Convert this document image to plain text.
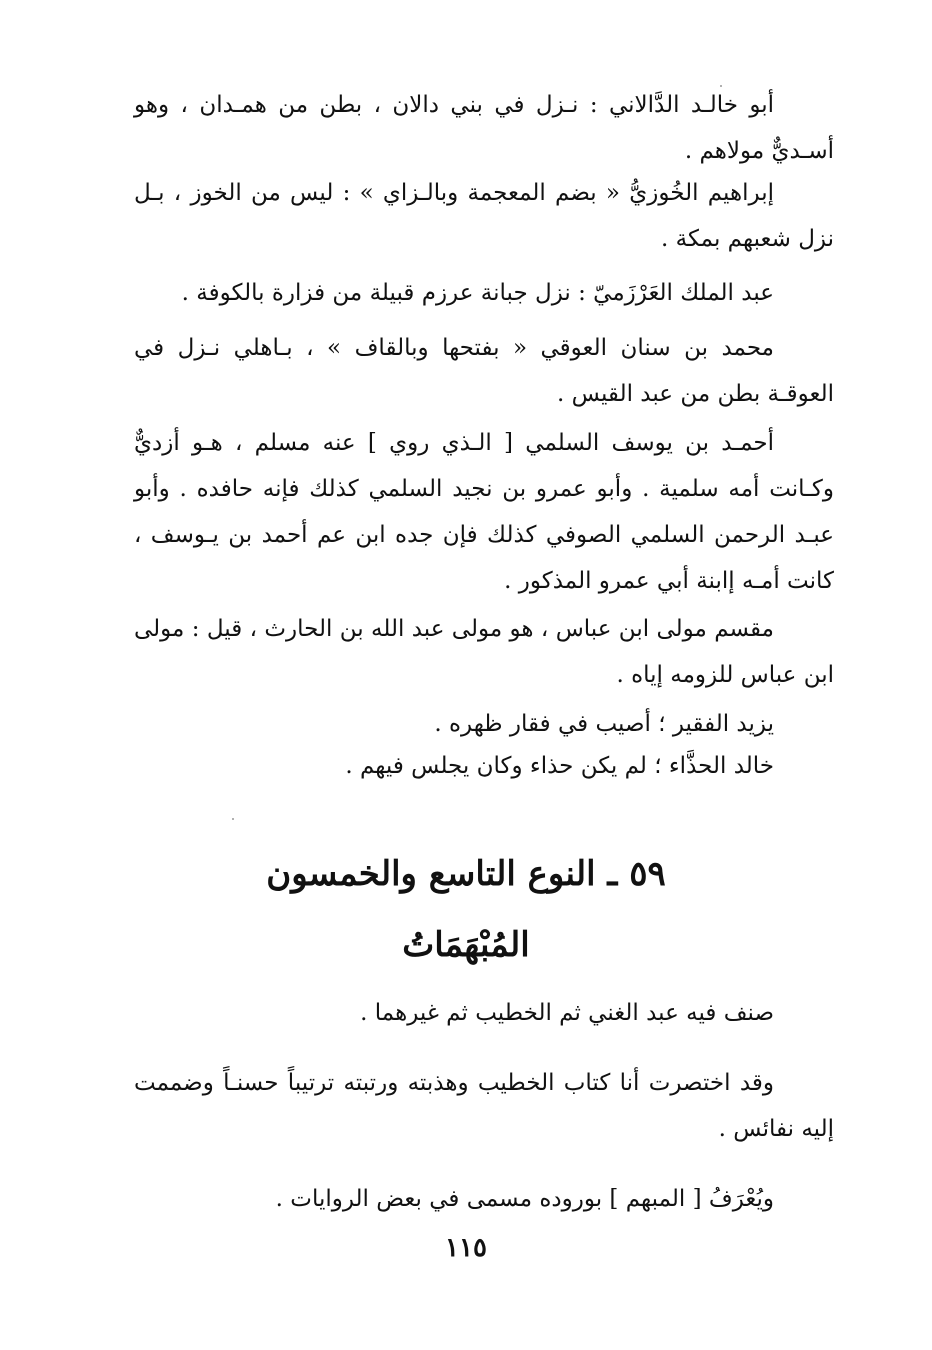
أبو خالـد الدَّالاني : نـزل في بني دالان ، بطن من همـدان ، وهو أسـديٌّ مولاهم .

إبراهيم الخُوزيُّ « بضم المعجمة وبالـزاي » : ليس من الخوز ، بـل نزل شعبهم بمكة .

عبد الملك العَرْزَميّ : نزل جبانة عرزم قبيلة من فزارة بالكوفة .

محمد بن سنان العوقي « بفتحها وبالقاف » ، بـاهلي نـزل في العوقـة بطن من عبد القيس .

أحمـد بن يوسف السلمي [ الـذي روي ] عنه مسلم ، هـو أزديٌّ وكـانت أمه سلمية . وأبو عمرو بن نجيد السلمي كذلك فإنه حافده . وأبو عبـد الرحمن السلمي الصوفي كذلك فإن جده ابن عم أحمد بن يـوسف ، كانت أمـه إابنة أبي عمرو المذكور .

مقسم مولى ابن عباس ، هو مولى عبد الله بن الحارث ، قيل : مولى ابن عباس للزومه إياه .

يزيد الفقير ؛ أصيب في فقار ظهره .

خالد الحذَّاء ؛ لم يكن حذاء وكان يجلس فيهم .

٥٩ ـ النوع التاسع والخمسون
المُبْهَمَاتُ

صنف فيه عبد الغني ثم الخطيب ثم غيرهما .

وقد اختصرت أنا كتاب الخطيب وهذبته ورتبته ترتيباً حسنـاً وضممت إليه نفائس .

ويُعْرَفُ [ المبهم ] بوروده مسمى في بعض الروايات .

١١٥
